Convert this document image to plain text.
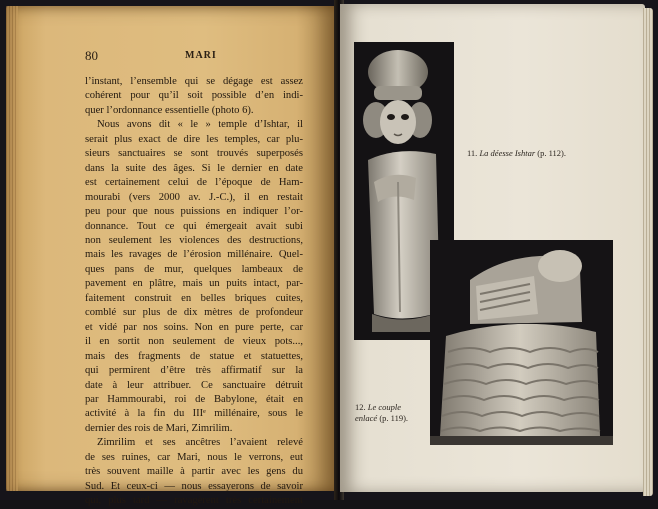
80	MARI
l’instant, l’ensemble qui se dégage est assez
cohérent pour qu’il soit possible d’en indi-
quer l’ordonnance essentielle (photo 6).
Nous avons dit « le » temple d’Ishtar, il
serait plus exact de dire les temples, car plu-
sieurs sanctuaires se sont trouvés superposés
dans la suite des âges. Si le dernier en date
est certainement celui de l’époque de Ham-
mourabi (vers 2000 av. J.-C.), il en restait
peu pour que nous puissions en indiquer l’or-
donnance. Tout ce qui émergeait avait subi
non seulement les violences des destructions,
mais les ravages de l’érosion millénaire. Quel-
ques pans de mur, quelques lambeaux de
pavement en plâtre, mais un puits intact, par-
faitement construit en belles briques cuites,
comblé sur plus de dix mètres de profondeur
et vidé par nos soins. Non en pure perte, car
il en sortit non seulement de vieux pots...,
mais des fragments de statue et statuettes,
qui permirent d’être très affirmatif sur la
date à leur attribuer. Ce sanctuaire détruit
par Hammourabi, roi de Babylone, était en
activité à la fin du IIIᵉ millénaire, sous le
dernier des rois de Mari, Zimrilim.
Zimrilim et ses ancêtres l’avaient relevé
de ses ruines, car Mari, nous le verrons, eut
très souvent maille à partir avec les gens du
Sud. Et ceux-ci — nous essayerons de savoir
qui, plus tard — ravagèrent très certainement
11. La déesse Ishtar (p. 112).
12. Le couple
enlacé (p. 119).
